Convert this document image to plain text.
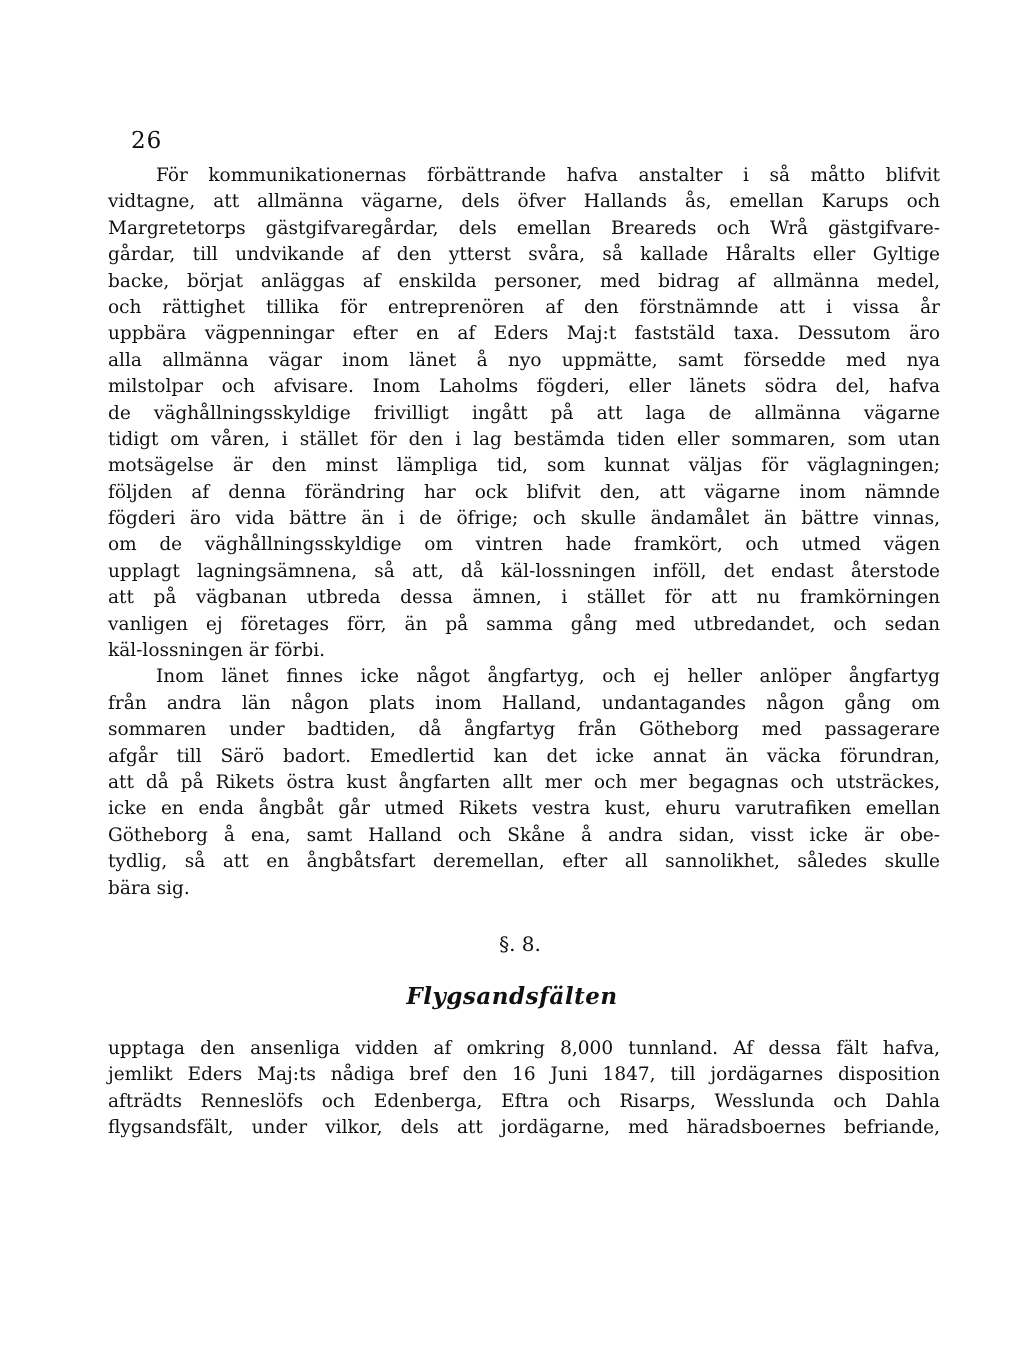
26
För kommunikationernas förbättrande hafva anstalter i så måtto blifvit
vidtagne, att allmänna vägarne, dels öfver Hallands ås, emellan Karups och
Margretetorps gästgifvaregårdar, dels emellan Breareds och Wrå gästgifvare-
gårdar, till undvikande af den ytterst svåra, så kallade Håralts eller Gyltige
backe, börjat anläggas af enskilda personer, med bidrag af allmänna medel,
och rättighet tillika för entreprenören af den förstnämnde att i vissa år
uppbära vägpenningar efter en af Eders Maj:t faststäld taxa. Dessutom äro
alla allmänna vägar inom länet å nyo uppmätte, samt försedde med nya
milstolpar och afvisare. Inom Laholms fögderi, eller länets södra del, hafva
de väghållningsskyldige frivilligt ingått på att laga de allmänna vägarne
tidigt om våren, i stället för den i lag bestämda tiden eller sommaren, som utan
motsägelse är den minst lämpliga tid, som kunnat väljas för väglagningen;
följden af denna förändring har ock blifvit den, att vägarne inom nämnde
fögderi äro vida bättre än i de öfrige; och skulle ändamålet än bättre vinnas,
om de väghållningsskyldige om vintren hade framkört, och utmed vägen
upplagt lagningsämnena, så att, då käl-lossningen inföll, det endast återstode
att på vägbanan utbreda dessa ämnen, i stället för att nu framkörningen
vanligen ej företages förr, än på samma gång med utbredandet, och sedan
käl-lossningen är förbi.
Inom länet finnes icke något ångfartyg, och ej heller anlöper ångfartyg
från andra län någon plats inom Halland, undantagandes någon gång om
sommaren under badtiden, då ångfartyg från Götheborg med passagerare
afgår till Särö badort. Emedlertid kan det icke annat än väcka förundran,
att då på Rikets östra kust ångfarten allt mer och mer begagnas och utsträckes,
icke en enda ångbåt går utmed Rikets vestra kust, ehuru varutrafiken emellan
Götheborg å ena, samt Halland och Skåne å andra sidan, visst icke är obe-
tydlig, så att en ångbåtsfart deremellan, efter all sannolikhet, således skulle
bära sig.
§. 8.
Flygsandsfälten
upptaga den ansenliga vidden af omkring 8,000 tunnland. Af dessa fält hafva,
jemlikt Eders Maj:ts nådiga bref den 16 Juni 1847, till jordägarnes disposition
afträdts Renneslöfs och Edenberga, Eftra och Risarps, Wesslunda och Dahla
flygsandsfält, under vilkor, dels att jordägarne, med häradsboernes befriande,
